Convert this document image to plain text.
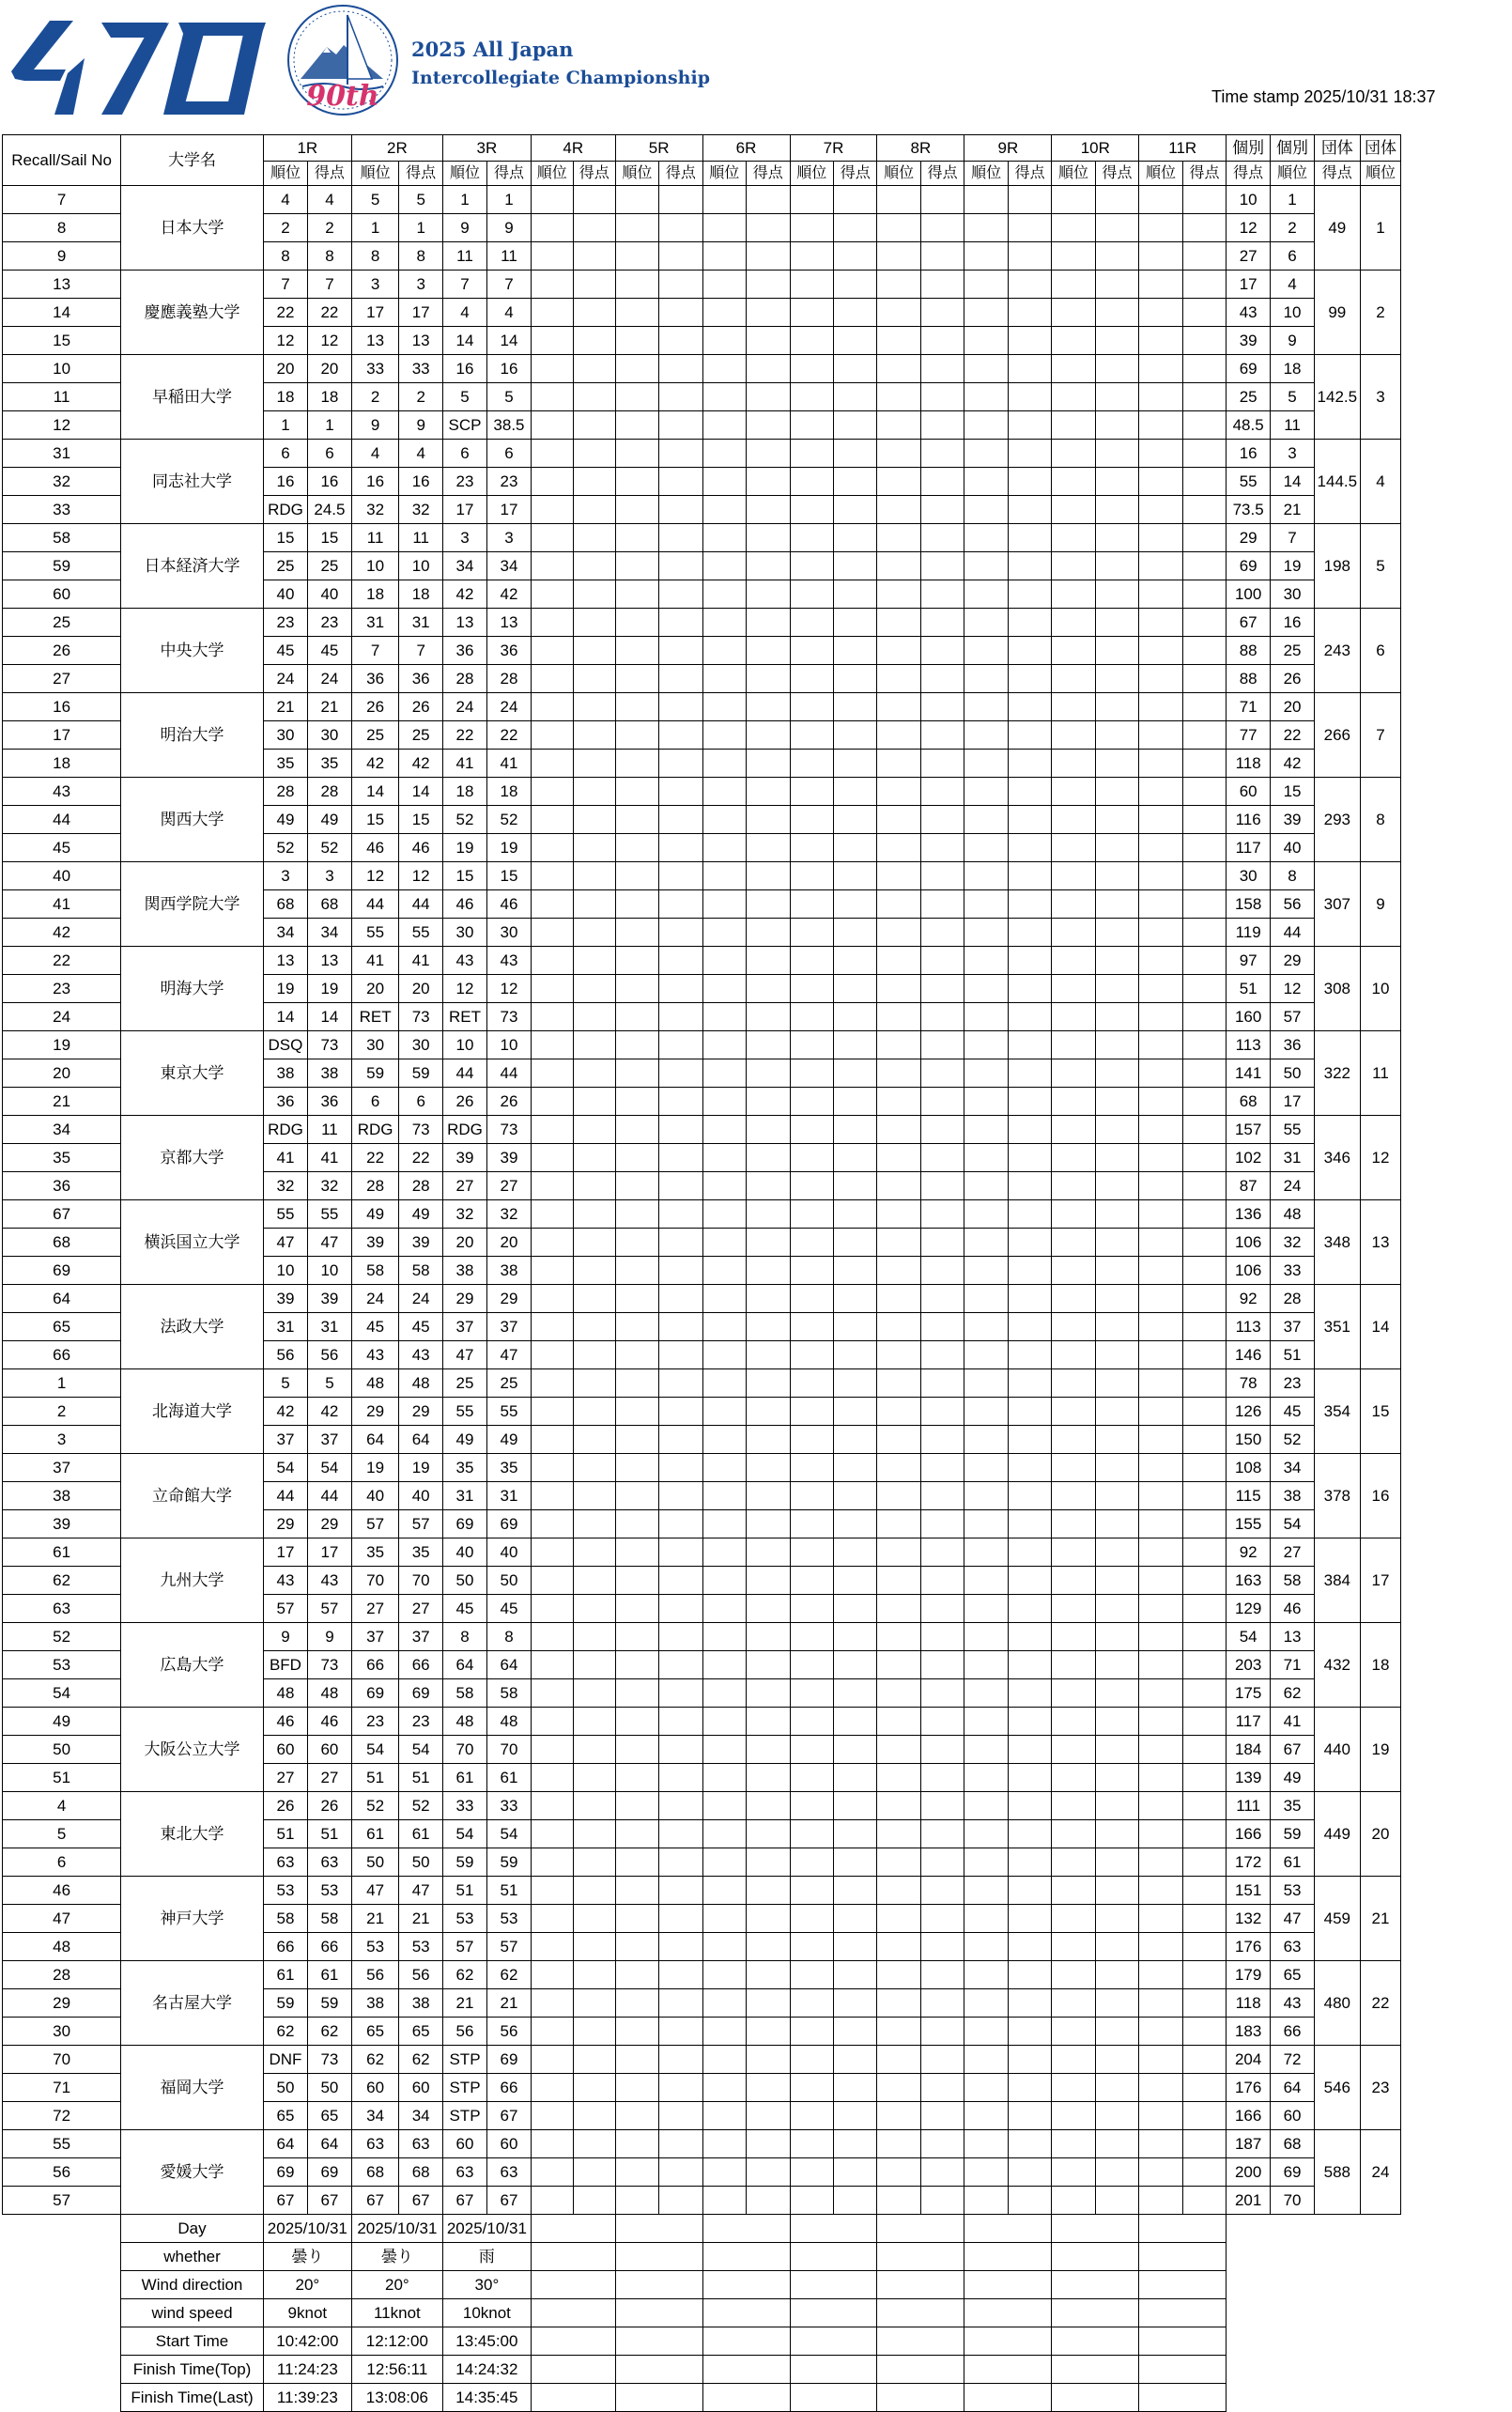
90th
2025 All Japan
Intercollegiate Championship
Time stamp 2025/10/31 18:37
Recall/Sail No	大学名	1R		2R		3R		4R		5R		6R		7R		8R		9R		10R		11R		個別	個別	団体	団体
		順位	得点	順位	得点	順位	得点	順位	得点	順位	得点	順位	得点	順位	得点	順位	得点	順位	得点	順位	得点	順位	得点	得点	順位	得点	順位
7	日本大学	4	4	5	5	1	1																	10	1	49	1
8		2	2	1	1	9	9																	12	2		
9		8	8	8	8	11	11																	27	6		
13	慶應義塾大学	7	7	3	3	7	7																	17	4	99	2
14		22	22	17	17	4	4																	43	10		
15		12	12	13	13	14	14																	39	9		
10	早稲田大学	20	20	33	33	16	16																	69	18	142.5	3
11		18	18	2	2	5	5																	25	5		
12		1	1	9	9	SCP	38.5																	48.5	11		
31	同志社大学	6	6	4	4	6	6																	16	3	144.5	4
32		16	16	16	16	23	23																	55	14		
33		RDG	24.5	32	32	17	17																	73.5	21		
58	日本経済大学	15	15	11	11	3	3																	29	7	198	5
59		25	25	10	10	34	34																	69	19		
60		40	40	18	18	42	42																	100	30		
25	中央大学	23	23	31	31	13	13																	67	16	243	6
26		45	45	7	7	36	36																	88	25		
27		24	24	36	36	28	28																	88	26		
16	明治大学	21	21	26	26	24	24																	71	20	266	7
17		30	30	25	25	22	22																	77	22		
18		35	35	42	42	41	41																	118	42		
43	関西大学	28	28	14	14	18	18																	60	15	293	8
44		49	49	15	15	52	52																	116	39		
45		52	52	46	46	19	19																	117	40		
40	関西学院大学	3	3	12	12	15	15																	30	8	307	9
41		68	68	44	44	46	46																	158	56		
42		34	34	55	55	30	30																	119	44		
22	明海大学	13	13	41	41	43	43																	97	29	308	10
23		19	19	20	20	12	12																	51	12		
24		14	14	RET	73	RET	73																	160	57		
19	東京大学	DSQ	73	30	30	10	10																	113	36	322	11
20		38	38	59	59	44	44																	141	50		
21		36	36	6	6	26	26																	68	17		
34	京都大学	RDG	11	RDG	73	RDG	73																	157	55	346	12
35		41	41	22	22	39	39																	102	31		
36		32	32	28	28	27	27																	87	24		
67	横浜国立大学	55	55	49	49	32	32																	136	48	348	13
68		47	47	39	39	20	20																	106	32		
69		10	10	58	58	38	38																	106	33		
64	法政大学	39	39	24	24	29	29																	92	28	351	14
65		31	31	45	45	37	37																	113	37		
66		56	56	43	43	47	47																	146	51		
1	北海道大学	5	5	48	48	25	25																	78	23	354	15
2		42	42	29	29	55	55																	126	45		
3		37	37	64	64	49	49																	150	52		
37	立命館大学	54	54	19	19	35	35																	108	34	378	16
38		44	44	40	40	31	31																	115	38		
39		29	29	57	57	69	69																	155	54		
61	九州大学	17	17	35	35	40	40																	92	27	384	17
62		43	43	70	70	50	50																	163	58		
63		57	57	27	27	45	45																	129	46		
52	広島大学	9	9	37	37	8	8																	54	13	432	18
53		BFD	73	66	66	64	64																	203	71		
54		48	48	69	69	58	58																	175	62		
49	大阪公立大学	46	46	23	23	48	48																	117	41	440	19
50		60	60	54	54	70	70																	184	67		
51		27	27	51	51	61	61																	139	49		
4	東北大学	26	26	52	52	33	33																	111	35	449	20
5		51	51	61	61	54	54																	166	59		
6		63	63	50	50	59	59																	172	61		
46	神戸大学	53	53	47	47	51	51																	151	53	459	21
47		58	58	21	21	53	53																	132	47		
48		66	66	53	53	57	57																	176	63		
28	名古屋大学	61	61	56	56	62	62																	179	65	480	22
29		59	59	38	38	21	21																	118	43		
30		62	62	65	65	56	56																	183	66		
70	福岡大学	DNF	73	62	62	STP	69																	204	72	546	23
71		50	50	60	60	STP	66																	176	64		
72		65	65	34	34	STP	67																	166	60		
55	愛媛大学	64	64	63	63	60	60																	187	68	588	24
56		69	69	68	68	63	63																	200	69		
57		67	67	67	67	67	67																	201	70		
	Day	2025/10/31		2025/10/31		2025/10/31																					
	whether	曇り		曇り		雨																					
	Wind direction	20°		20°		30°																					
	wind speed	9knot		11knot		10knot																					
	Start Time	10:42:00		12:12:00		13:45:00																					
	Finish Time(Top)	11:24:23		12:56:11		14:24:32																					
	Finish Time(Last)	11:39:23		13:08:06		14:35:45																					
